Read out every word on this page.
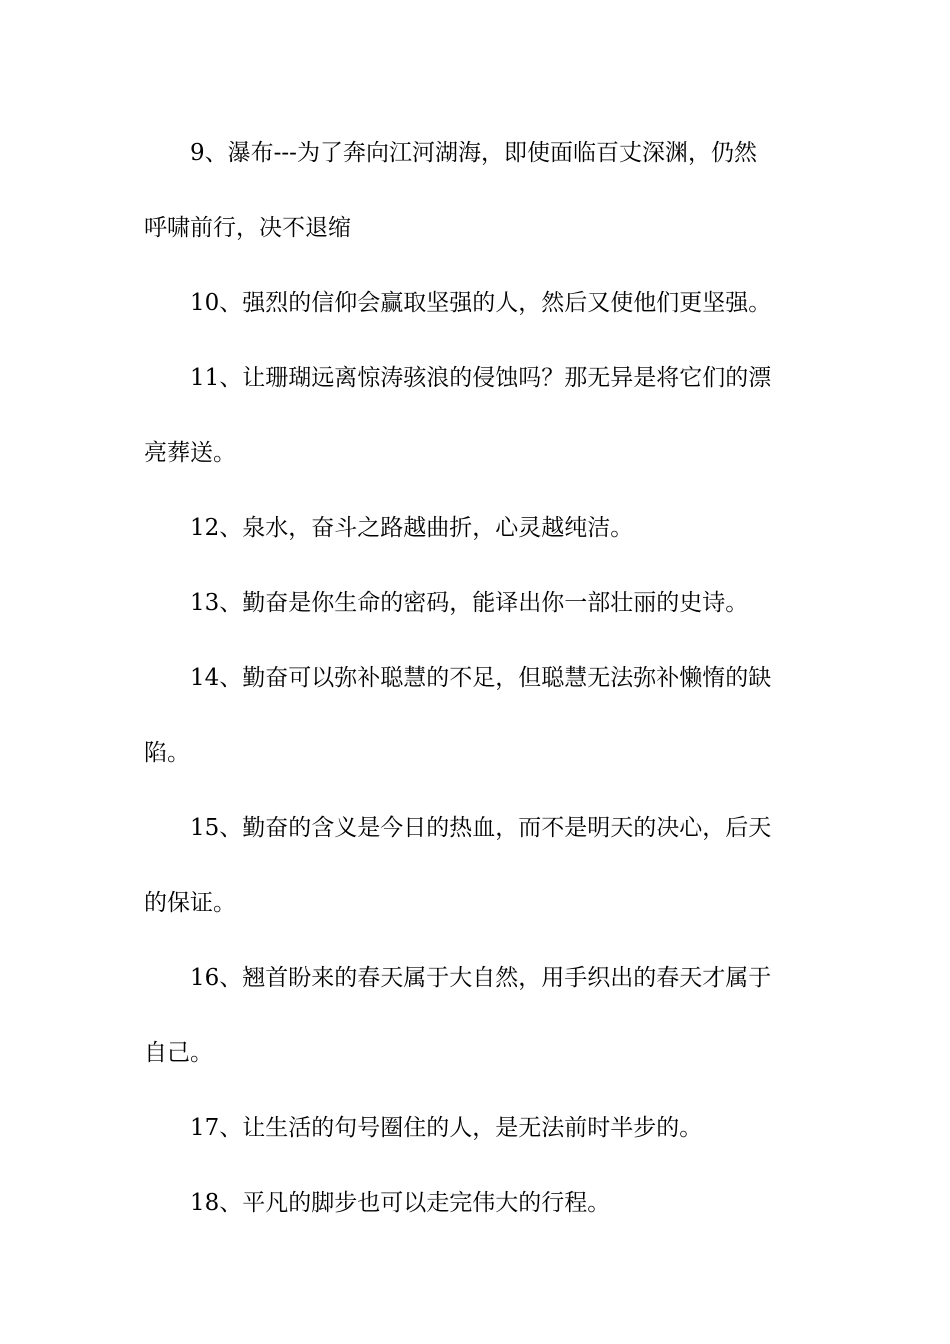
9、瀑布---为了奔向江河湖海，即使面临百丈深渊，仍然
呼啸前行，决不退缩
10、强烈的信仰会赢取坚强的人，然后又使他们更坚强。
11、让珊瑚远离惊涛骇浪的侵蚀吗？那无异是将它们的漂
亮葬送。
12、泉水，奋斗之路越曲折，心灵越纯洁。
13、勤奋是你生命的密码，能译出你一部壮丽的史诗。
14、勤奋可以弥补聪慧的不足，但聪慧无法弥补懒惰的缺
陷。
15、勤奋的含义是今日的热血，而不是明天的决心，后天
的保证。
16、翘首盼来的春天属于大自然，用手织出的春天才属于
自己。
17、让生活的句号圈住的人，是无法前时半步的。
18、平凡的脚步也可以走完伟大的行程。
